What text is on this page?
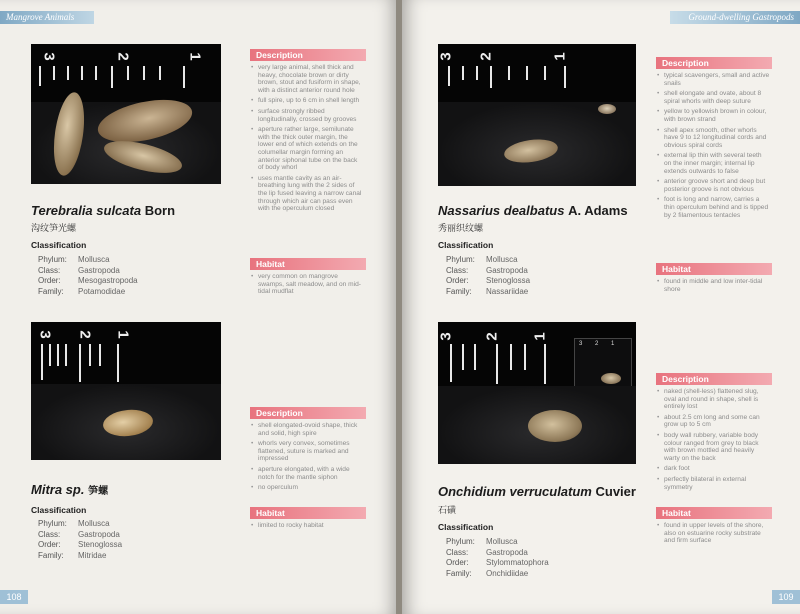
Mangrove Animals
3	2	1
Terebralia sulcata Born
沟纹笋光螺
Classification
Phylum:	Mollusca
Class:	Gastropoda
Order:	Mesogastropoda
Family:	Potamodidae
Description
• very large animal, shell thick and heavy, chocolate brown or dirty brown, stout and fusiform in shape, with a distinct anterior round hole
• full spire, up to 6 cm in shell length
• surface strongly ribbed longitudinally, crossed by grooves
• aperture rather large, semilunate with the thick outer margin, the lower end of which extends on the columellar margin forming an anterior siphonal tube on the back of body whorl
• uses mantle cavity as an air-breathing lung with the 2 sides of the lip fused leaving a narrow canal through which air can pass even with the operculum closed
Habitat
• very common on mangrove swamps, salt meadow, and on mid-tidal mudflat
3 2 1
Mitra sp. 笋螺
Classification
Phylum:	Mollusca
Class:	Gastropoda
Order:	Stenoglossa
Family:	Mitridae
Description
• shell elongated-ovoid shape, thick and solid, high spire
• whorls very convex, sometimes flattened, suture is marked and impressed
• aperture elongated, with a wide notch for the mantle siphon
• no operculum
Habitat
• limited to rocky habitat
108
Ground-dwelling Gastropods
3 2	1
Nassarius dealbatus A. Adams
秀丽织纹螺
Classification
Phylum:	Mollusca
Class:	Gastropoda
Order:	Stenoglossa
Family:	Nassariidae
Description
• typical scavengers, small and active snails
• shell elongate and ovate, about 8 spiral whorls with deep suture
• yellow to yellowish brown in colour, with brown strand
• shell apex smooth, other whorls have 9 to 12 longitudinal cords and obvious spiral cords
• external lip thin with several teeth on the inner margin; internal lip extends outwards to false
• anterior groove short and deep but posterior groove is not obvious
• foot is long and narrow, carries a thin operculum behind and is tipped by 2 filamentous tentacles
Habitat
• found in middle and low inter-tidal shore
3 2 1
3 2 1
Onchidium verruculatum Cuvier
石磺
Classification
Phylum:	Mollusca
Class:	Gastropoda
Order:	Stylommatophora
Family:	Onchidiidae
Description
• naked (shell-less) flattened slug, oval and round in shape, shell is entirely lost
• about 2.5 cm long and some can grow up to 5 cm
• body wall rubbery, variable body colour ranged from grey to black with brown mottled and heavily warty on the back
• dark foot
• perfectly bilateral in external symmetry
Habitat
• found in upper levels of the shore, also on estuarine rocky substrate and firm surface
109
